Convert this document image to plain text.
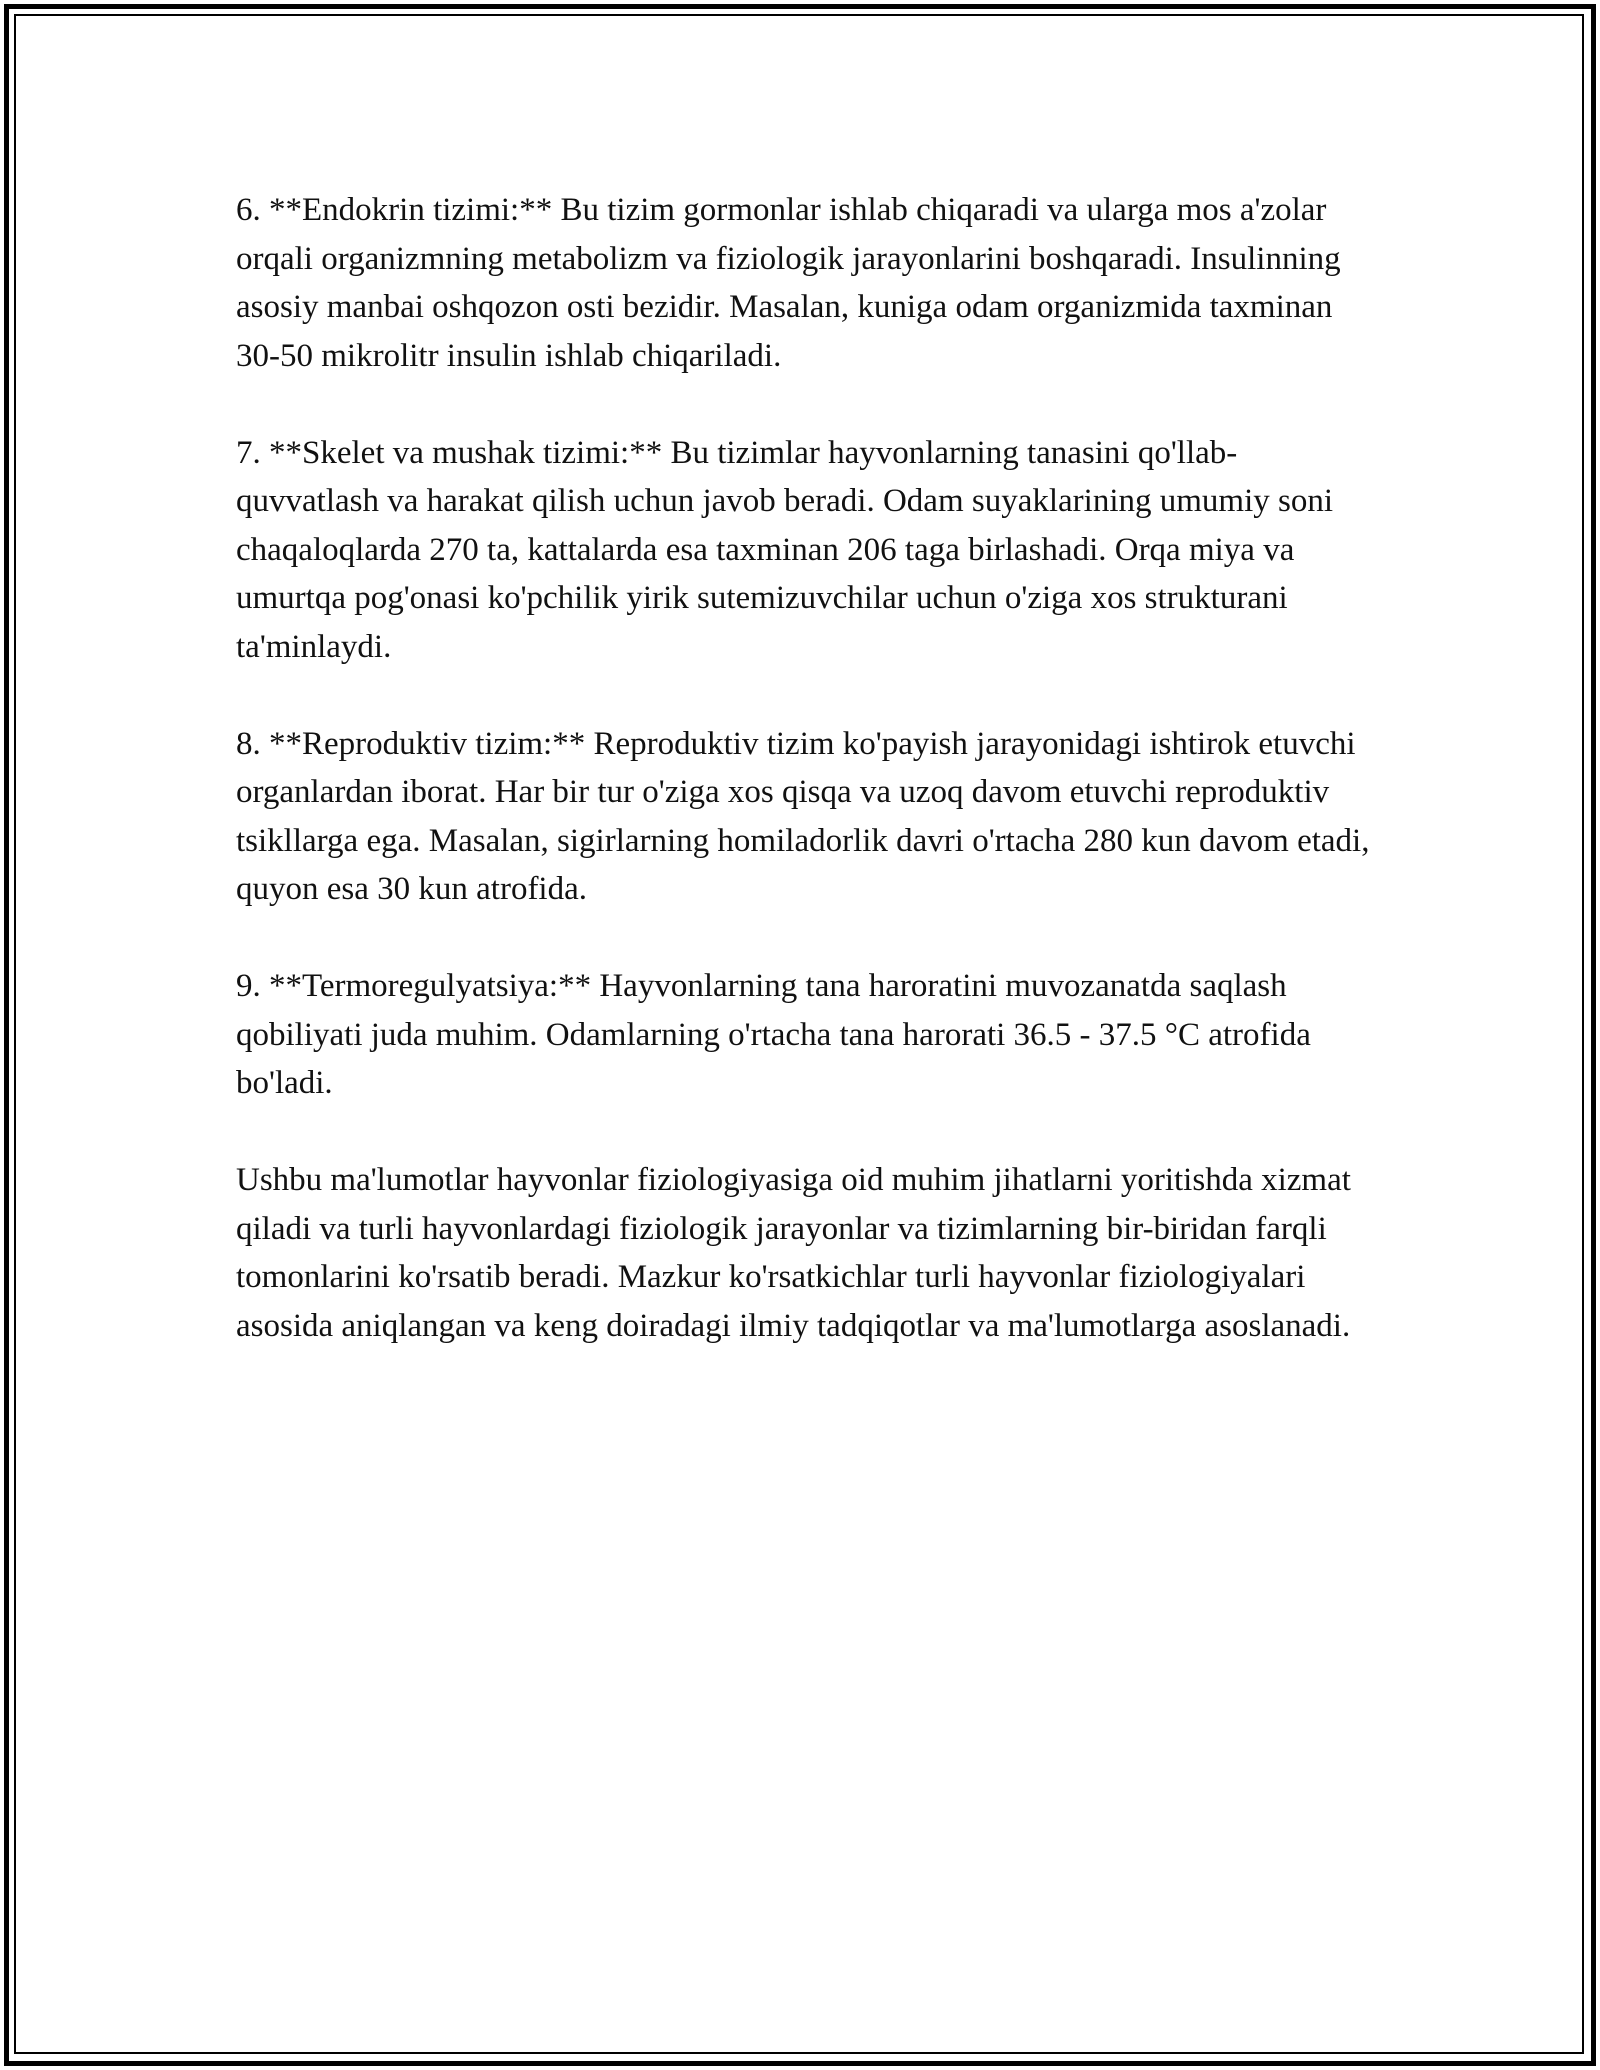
6. **Endokrin tizimi:** Bu tizim gormonlar ishlab chiqaradi va ularga mos a'zolar orqali organizmning metabolizm va fiziologik jarayonlarini boshqaradi. Insulinning asosiy manbai oshqozon osti bezidir. Masalan, kuniga odam organizmida taxminan 30-50 mikrolitr insulin ishlab chiqariladi.

7. **Skelet va mushak tizimi:** Bu tizimlar hayvonlarning tanasini qo'llab-quvvatlash va harakat qilish uchun javob beradi. Odam suyaklarining umumiy soni chaqaloqlarda 270 ta, kattalarda esa taxminan 206 taga birlashadi. Orqa miya va umurtqa pog'onasi ko'pchilik yirik sutemizuvchilar uchun o'ziga xos strukturani ta'minlaydi.

8. **Reproduktiv tizim:** Reproduktiv tizim ko'payish jarayonidagi ishtirok etuvchi organlardan iborat. Har bir tur o'ziga xos qisqa va uzoq davom etuvchi reproduktiv tsikllarga ega. Masalan, sigirlarning homiladorlik davri o'rtacha 280 kun davom etadi, quyon esa 30 kun atrofida.

9. **Termoregulyatsiya:** Hayvonlarning tana haroratini muvozanatda saqlash qobiliyati juda muhim. Odamlarning o'rtacha tana harorati 36.5 - 37.5 °C atrofida bo'ladi.

Ushbu ma'lumotlar hayvonlar fiziologiyasiga oid muhim jihatlarni yoritishda xizmat qiladi va turli hayvonlardagi fiziologik jarayonlar va tizimlarning bir-biridan farqli tomonlarini ko'rsatib beradi. Mazkur ko'rsatkichlar turli hayvonlar fiziologiyalari asosida aniqlangan va keng doiradagi ilmiy tadqiqotlar va ma'lumotlarga asoslanadi.
